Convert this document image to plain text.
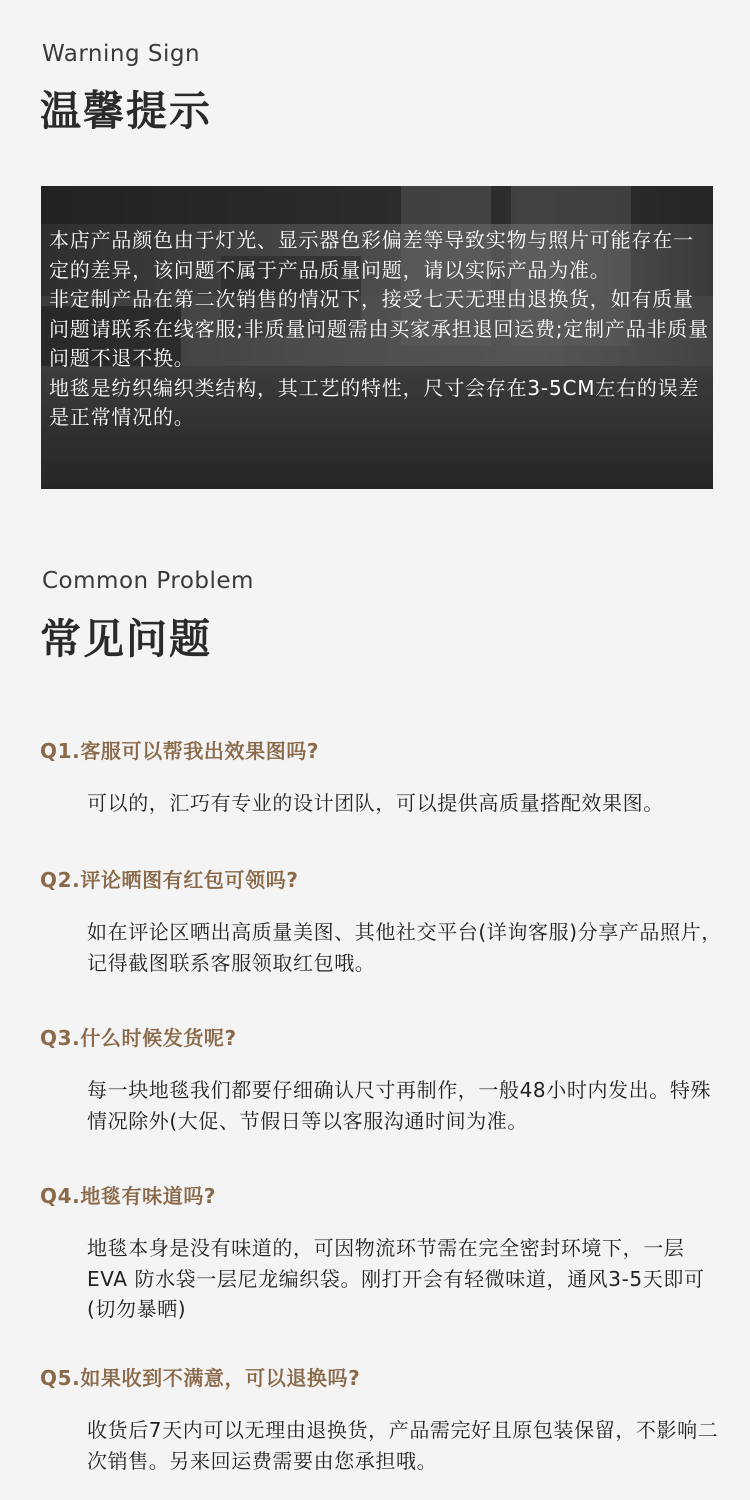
Warning Sign
温馨提示

本店产品颜色由于灯光、显示器色彩偏差等导致实物与照片可能存在一定的差异，该问题不属于产品质量问题，请以实际产品为准。

非定制产品在第二次销售的情况下，接受七天无理由退换货，如有质量问题请联系在线客服;非质量问题需由买家承担退回运费;定制产品非质量问题不退不换。

地毯是纺织编织类结构，其工艺的特性，尺寸会存在3-5CM左右的误差是正常情况的。

Common Problem
常见问题

Q1.客服可以帮我出效果图吗?

可以的，汇巧有专业的设计团队，可以提供高质量搭配效果图。

Q2.评论晒图有红包可领吗?

如在评论区晒出高质量美图、其他社交平台(详询客服)分享产品照片，记得截图联系客服领取红包哦。

Q3.什么时候发货呢?

每一块地毯我们都要仔细确认尺寸再制作，一般48小时内发出。特殊情况除外(大促、节假日等以客服沟通时间为准。

Q4.地毯有味道吗?

地毯本身是没有味道的，可因物流环节需在完全密封环境下，一层 EVA 防水袋一层尼龙编织袋。刚打开会有轻微味道，通风3-5天即可(切勿暴晒)

Q5.如果收到不满意，可以退换吗?

收货后7天内可以无理由退换货，产品需完好且原包装保留，不影响二次销售。另来回运费需要由您承担哦。
